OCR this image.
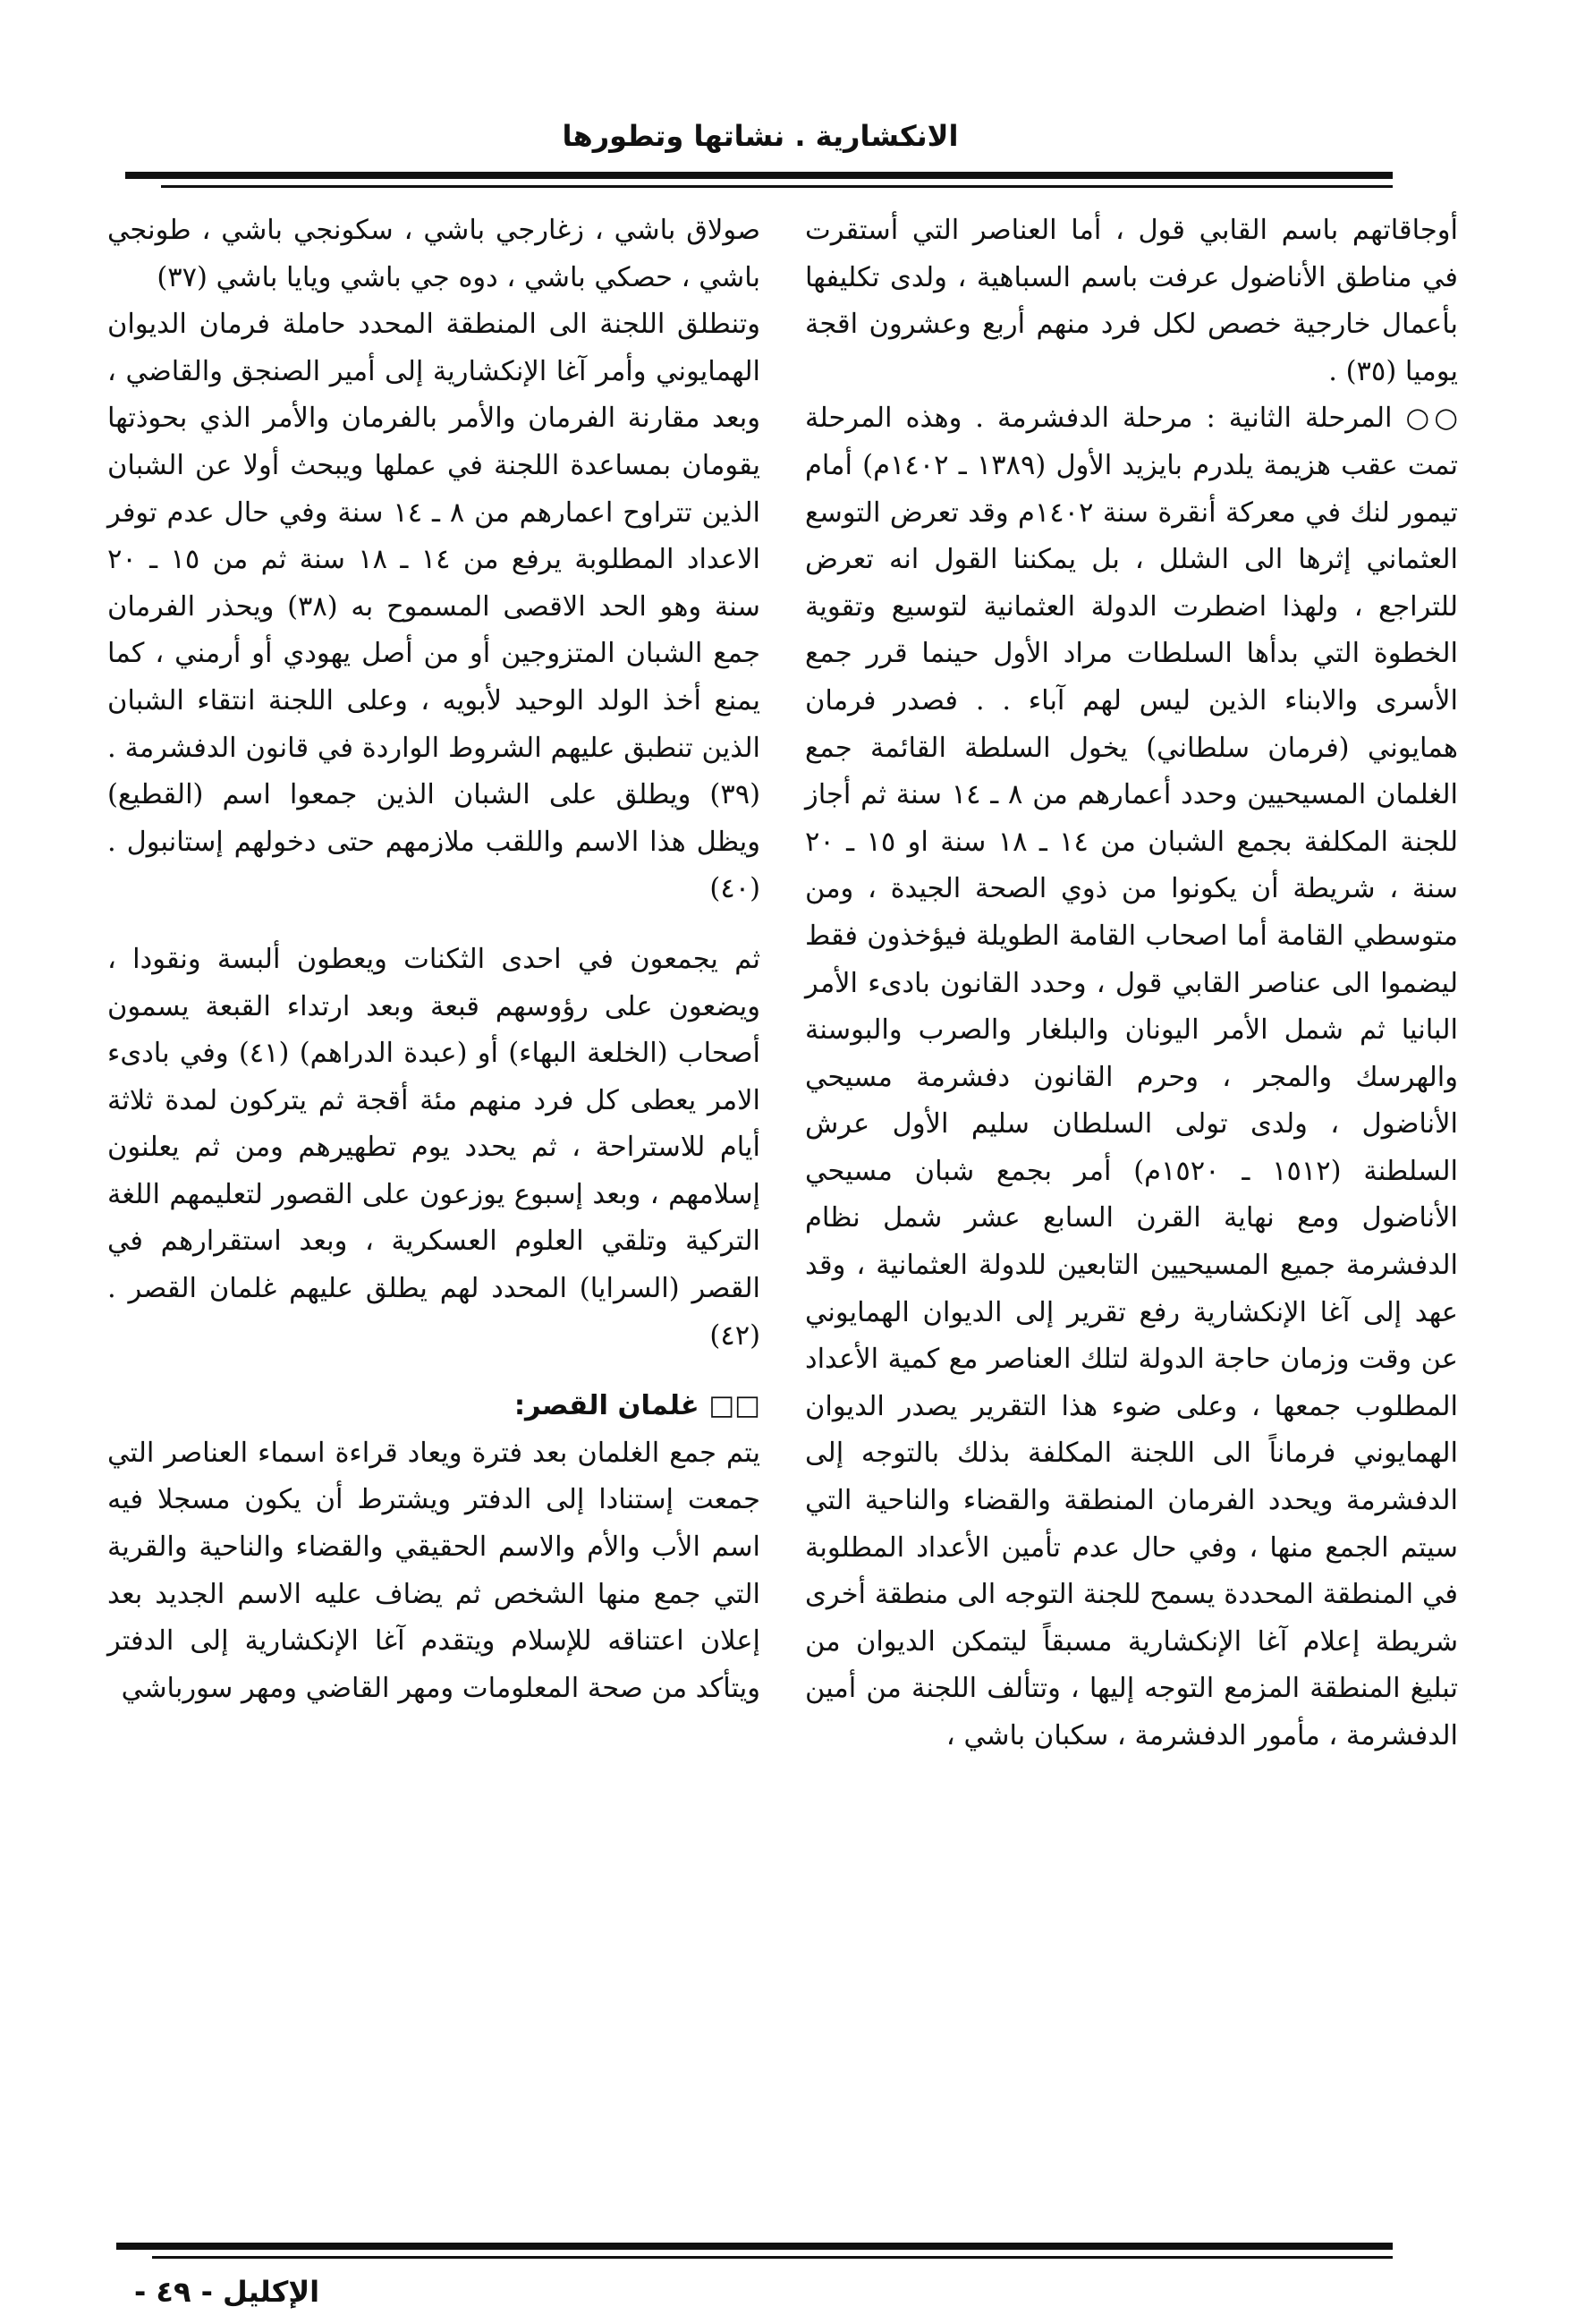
الانكشارية . نشاتها وتطورها

أوجاقاتهم باسم القابي قول ، أما العناصر التي أستقرت في مناطق الأناضول عرفت باسم السباهية ، ولدى تكليفها بأعمال خارجية خصص لكل فرد منهم أربع وعشرون اقجة يوميا (٣٥) .

○○ المرحلة الثانية : مرحلة الدفشرمة . وهذه المرحلة تمت عقب هزيمة يلدرم بايزيد الأول (١٣٨٩ ـ ١٤٠٢م) أمام تيمور لنك في معركة أنقرة سنة ١٤٠٢م وقد تعرض التوسع العثماني إثرها الى الشلل ، بل يمكننا القول انه تعرض للتراجع ، ولهذا اضطرت الدولة العثمانية لتوسيع وتقوية الخطوة التي بدأها السلطات مراد الأول حينما قرر جمع الأسرى والابناء الذين ليس لهم آباء . . فصدر فرمان همايوني (فرمان سلطاني) يخول السلطة القائمة جمع الغلمان المسيحيين وحدد أعمارهم من ٨ ـ ١٤ سنة ثم أجاز للجنة المكلفة بجمع الشبان من ١٤ ـ ١٨ سنة او ١٥ ـ ٢٠ سنة ، شريطة أن يكونوا من ذوي الصحة الجيدة ، ومن متوسطي القامة أما اصحاب القامة الطويلة فيؤخذون فقط ليضموا الى عناصر القابي قول ، وحدد القانون بادىء الأمر البانيا ثم شمل الأمر اليونان والبلغار والصرب والبوسنة والهرسك والمجر ، وحرم القانون دفشرمة مسيحي الأناضول ، ولدى تولى السلطان سليم الأول عرش السلطنة (١٥١٢ ـ ١٥٢٠م) أمر بجمع شبان مسيحي الأناضول ومع نهاية القرن السابع عشر شمل نظام الدفشرمة جميع المسيحيين التابعين للدولة العثمانية ، وقد عهد إلى آغا الإنكشارية رفع تقرير إلى الديوان الهمايوني عن وقت وزمان حاجة الدولة لتلك العناصر مع كمية الأعداد المطلوب جمعها ، وعلى ضوء هذا التقرير يصدر الديوان الهمايوني فرماناً الى اللجنة المكلفة بذلك بالتوجه إلى الدفشرمة ويحدد الفرمان المنطقة والقضاء والناحية التي سيتم الجمع منها ، وفي حال عدم تأمين الأعداد المطلوبة في المنطقة المحددة يسمح للجنة التوجه الى منطقة أخرى شريطة إعلام آغا الإنكشارية مسبقاً ليتمكن الديوان من تبليغ المنطقة المزمع التوجه إليها ، وتتألف اللجنة من أمين الدفشرمة ، مأمور الدفشرمة ، سكبان باشي ،

صولاق باشي ، زغارجي باشي ، سكونجي باشي ، طونجي باشي ، حصكي باشي ، دوه جي باشي ويايا باشي (٣٧)

وتنطلق اللجنة الى المنطقة المحدد حاملة فرمان الديوان الهمايوني وأمر آغا الإنكشارية إلى أمير الصنجق والقاضي ، وبعد مقارنة الفرمان والأمر بالفرمان والأمر الذي بحوذتها يقومان بمساعدة اللجنة في عملها ويبحث أولا عن الشبان الذين تتراوح اعمارهم من ٨ ـ ١٤ سنة وفي حال عدم توفر الاعداد المطلوبة يرفع من ١٤ ـ ١٨ سنة ثم من ١٥ ـ ٢٠ سنة وهو الحد الاقصى المسموح به (٣٨) ويحذر الفرمان جمع الشبان المتزوجين أو من أصل يهودي أو أرمني ، كما يمنع أخذ الولد الوحيد لأبويه ، وعلى اللجنة انتقاء الشبان الذين تنطبق عليهم الشروط الواردة في قانون الدفشرمة . (٣٩) ويطلق على الشبان الذين جمعوا اسم (القطيع) ويظل هذا الاسم واللقب ملازمهم حتى دخولهم إستانبول . (٤٠)

ثم يجمعون في احدى الثكنات ويعطون ألبسة ونقودا ، ويضعون على رؤوسهم قبعة وبعد ارتداء القبعة يسمون أصحاب (الخلعة البهاء) أو (عبدة الدراهم) (٤١) وفي بادىء الامر يعطى كل فرد منهم مئة أقجة ثم يتركون لمدة ثلاثة أيام للاستراحة ، ثم يحدد يوم تطهيرهم ومن ثم يعلنون إسلامهم ، وبعد إسبوع يوزعون على القصور لتعليمهم اللغة التركية وتلقي العلوم العسكرية ، وبعد استقرارهم في القصر (السرايا) المحدد لهم يطلق عليهم غلمان القصر . (٤٢)

□□ غلمان القصر:

يتم جمع الغلمان بعد فترة ويعاد قراءة اسماء العناصر التي جمعت إستنادا إلى الدفتر ويشترط أن يكون مسجلا فيه اسم الأب والأم والاسم الحقيقي والقضاء والناحية والقرية التي جمع منها الشخص ثم يضاف عليه الاسم الجديد بعد إعلان اعتناقه للإسلام ويتقدم آغا الإنكشارية إلى الدفتر ويتأكد من صحة المعلومات ومهر القاضي ومهر سورباشي

الإكليل - ٤٩ -
